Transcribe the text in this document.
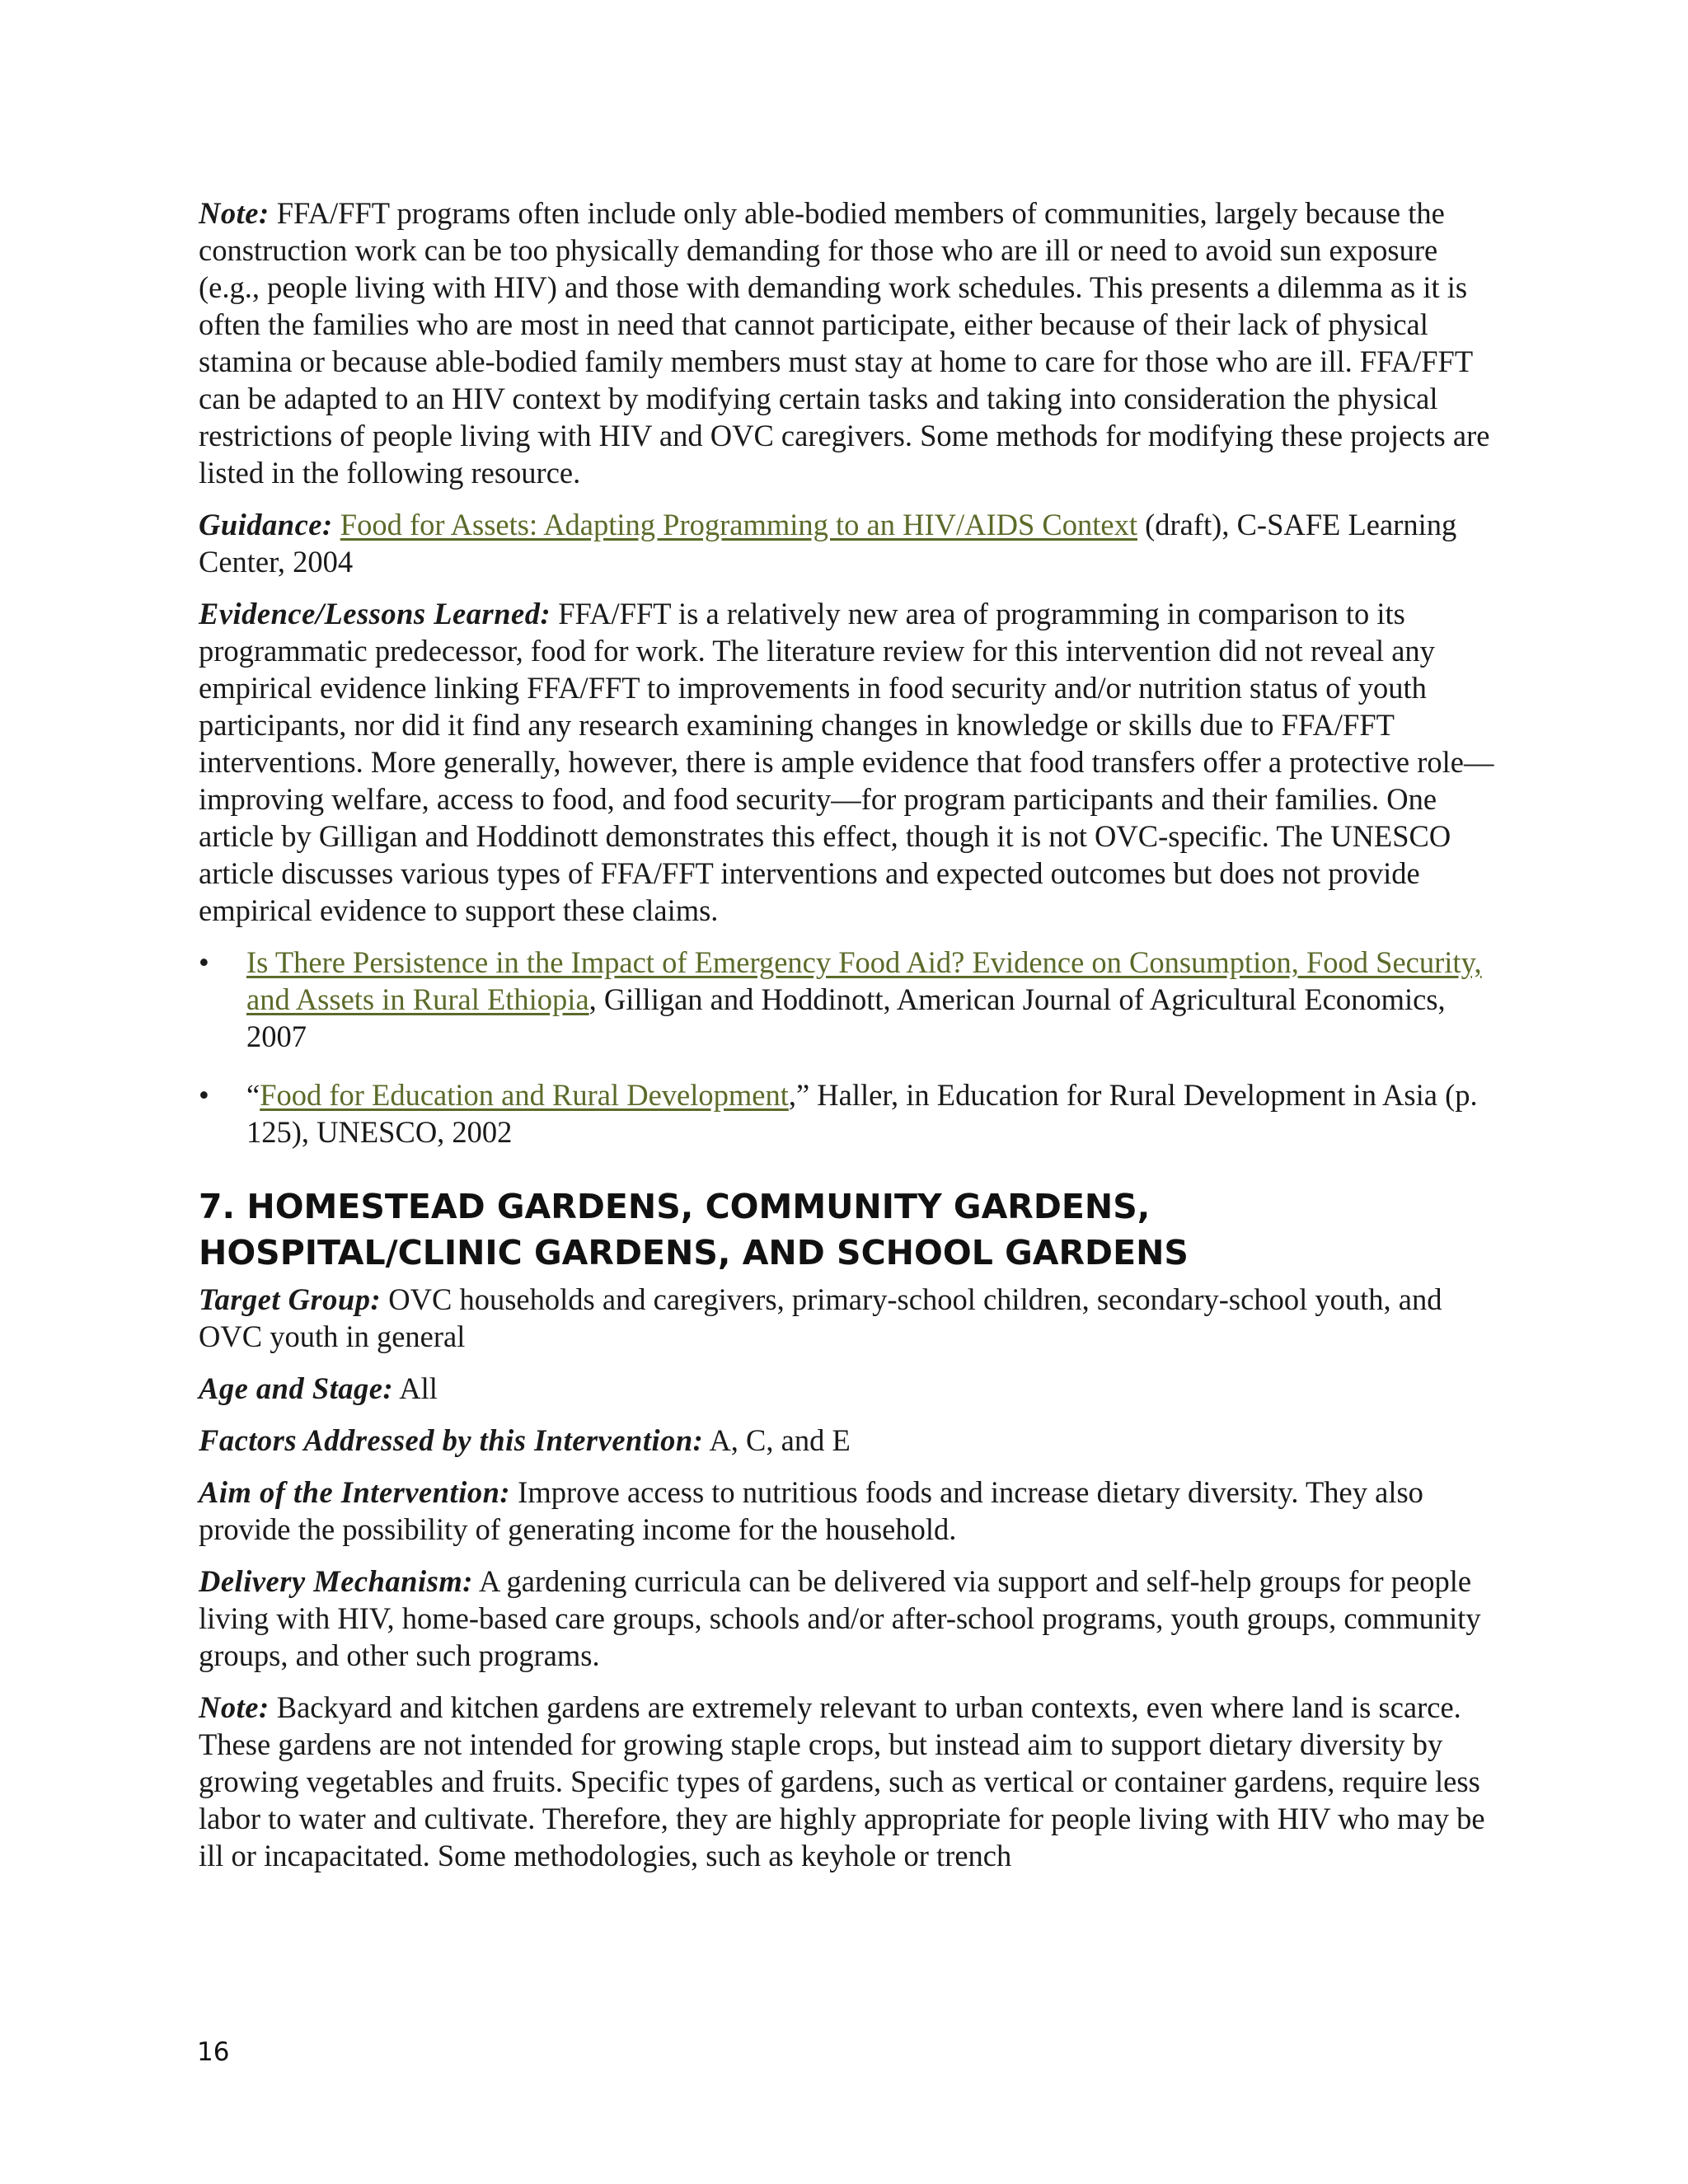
Note: FFA/FFT programs often include only able-bodied members of communities, largely because the construction work can be too physically demanding for those who are ill or need to avoid sun exposure (e.g., people living with HIV) and those with demanding work schedules. This presents a dilemma as it is often the families who are most in need that cannot participate, either because of their lack of physical stamina or because able-bodied family members must stay at home to care for those who are ill. FFA/FFT can be adapted to an HIV context by modifying certain tasks and taking into consideration the physical restrictions of people living with HIV and OVC caregivers. Some methods for modifying these projects are listed in the following resource.

Guidance: Food for Assets: Adapting Programming to an HIV/AIDS Context (draft), C-SAFE Learning Center, 2004

Evidence/Lessons Learned: FFA/FFT is a relatively new area of programming in comparison to its programmatic predecessor, food for work. The literature review for this intervention did not reveal any empirical evidence linking FFA/FFT to improvements in food security and/or nutrition status of youth participants, nor did it find any research examining changes in knowledge or skills due to FFA/FFT interventions. More generally, however, there is ample evidence that food transfers offer a protective role—improving welfare, access to food, and food security—for program participants and their families. One article by Gilligan and Hoddinott demonstrates this effect, though it is not OVC-specific. The UNESCO article discusses various types of FFA/FFT interventions and expected outcomes but does not provide empirical evidence to support these claims.

• Is There Persistence in the Impact of Emergency Food Aid? Evidence on Consumption, Food Security, and Assets in Rural Ethiopia, Gilligan and Hoddinott, American Journal of Agricultural Economics, 2007
• “Food for Education and Rural Development,” Haller, in Education for Rural Development in Asia (p. 125), UNESCO, 2002
7. HOMESTEAD GARDENS, COMMUNITY GARDENS,
HOSPITAL/CLINIC GARDENS, AND SCHOOL GARDENS

Target Group: OVC households and caregivers, primary-school children, secondary-school youth, and OVC youth in general

Age and Stage: All

Factors Addressed by this Intervention: A, C, and E

Aim of the Intervention: Improve access to nutritious foods and increase dietary diversity. They also provide the possibility of generating income for the household.

Delivery Mechanism: A gardening curricula can be delivered via support and self-help groups for people living with HIV, home-based care groups, schools and/or after-school programs, youth groups, community groups, and other such programs.

Note: Backyard and kitchen gardens are extremely relevant to urban contexts, even where land is scarce. These gardens are not intended for growing staple crops, but instead aim to support dietary diversity by growing vegetables and fruits. Specific types of gardens, such as vertical or container gardens, require less labor to water and cultivate. Therefore, they are highly appropriate for people living with HIV who may be ill or incapacitated. Some methodologies, such as keyhole or trench

16
